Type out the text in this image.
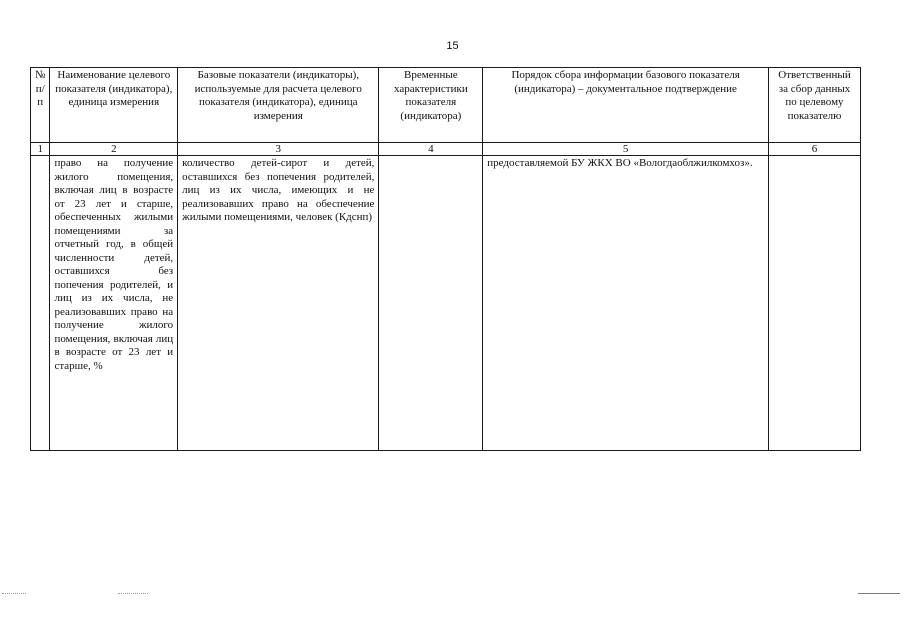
15
№ п/п	Наименование целевого показателя (индикатора), единица измерения	Базовые показатели (индикаторы), используемые для расчета целевого показателя (индикатора), единица измерения	Временные характеристики показателя (индикатора)	Порядок сбора информации базового показателя (индикатора) – документальное подтверждение	Ответственный за сбор данных по целевому показателю
1	2	3	4	5	6

	право на получение жилого помещения, включая лиц в возрасте от 23 лет и старше, обеспеченных жилыми помещениями за отчетный год, в общей численности детей, оставшихся без попечения родителей, и лиц из их числа, не реализовавших право на получение жилого помещения, включая лиц в возрасте от 23 лет и старше, %	количество детей-сирот и детей, оставшихся без попечения родителей, лиц из их числа, имеющих и не реализовавших право на обеспечение жилыми помещениями, человек (Кдснп)		предоставляемой БУ ЖКХ ВО «Вологдаоблжилкомхоз».	
